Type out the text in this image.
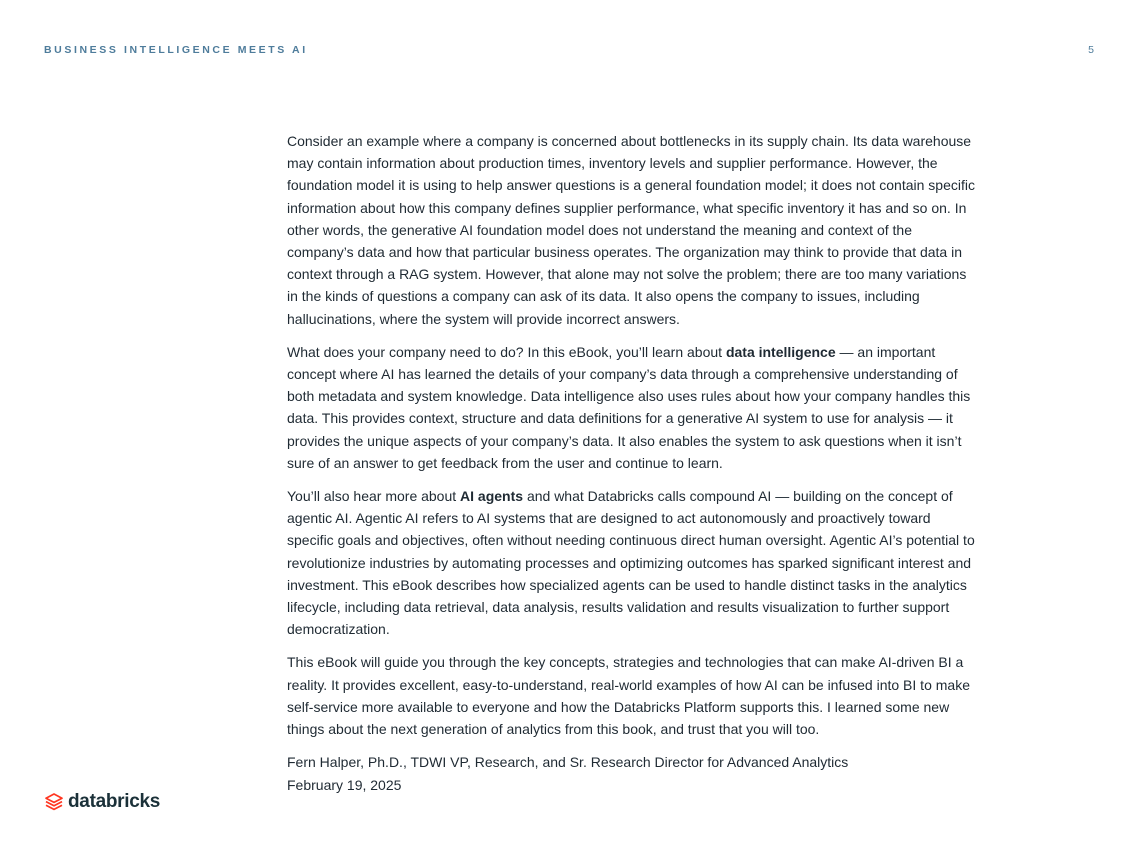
BUSINESS INTELLIGENCE MEETS AI	5

Consider an example where a company is concerned about bottlenecks in its supply chain. Its data warehouse may contain information about production times, inventory levels and supplier performance. However, the foundation model it is using to help answer questions is a general foundation model; it does not contain specific information about how this company defines supplier performance, what specific inventory it has and so on. In other words, the generative AI foundation model does not understand the meaning and context of the company’s data and how that particular business operates. The organization may think to provide that data in context through a RAG system. However, that alone may not solve the problem; there are too many variations in the kinds of questions a company can ask of its data. It also opens the company to issues, including hallucinations, where the system will provide incorrect answers.

What does your company need to do? In this eBook, you’ll learn about data intelligence — an important concept where AI has learned the details of your company’s data through a comprehensive understanding of both metadata and system knowledge. Data intelligence also uses rules about how your company handles this data. This provides context, structure and data definitions for a generative AI system to use for analysis — it provides the unique aspects of your company’s data. It also enables the system to ask questions when it isn’t sure of an answer to get feedback from the user and continue to learn.

You’ll also hear more about AI agents and what Databricks calls compound AI — building on the concept of agentic AI. Agentic AI refers to AI systems that are designed to act autonomously and proactively toward specific goals and objectives, often without needing continuous direct human oversight. Agentic AI’s potential to revolutionize industries by automating processes and optimizing outcomes has sparked significant interest and investment. This eBook describes how specialized agents can be used to handle distinct tasks in the analytics lifecycle, including data retrieval, data analysis, results validation and results visualization to further support democratization.

This eBook will guide you through the key concepts, strategies and technologies that can make AI-driven BI a reality. It provides excellent, easy-to-understand, real-world examples of how AI can be infused into BI to make self-service more available to everyone and how the Databricks Platform supports this. I learned some new things about the next generation of analytics from this book, and trust that you will too.

Fern Halper, Ph.D., TDWI VP, Research, and Sr. Research Director for Advanced Analytics
February 19, 2025
databricks
